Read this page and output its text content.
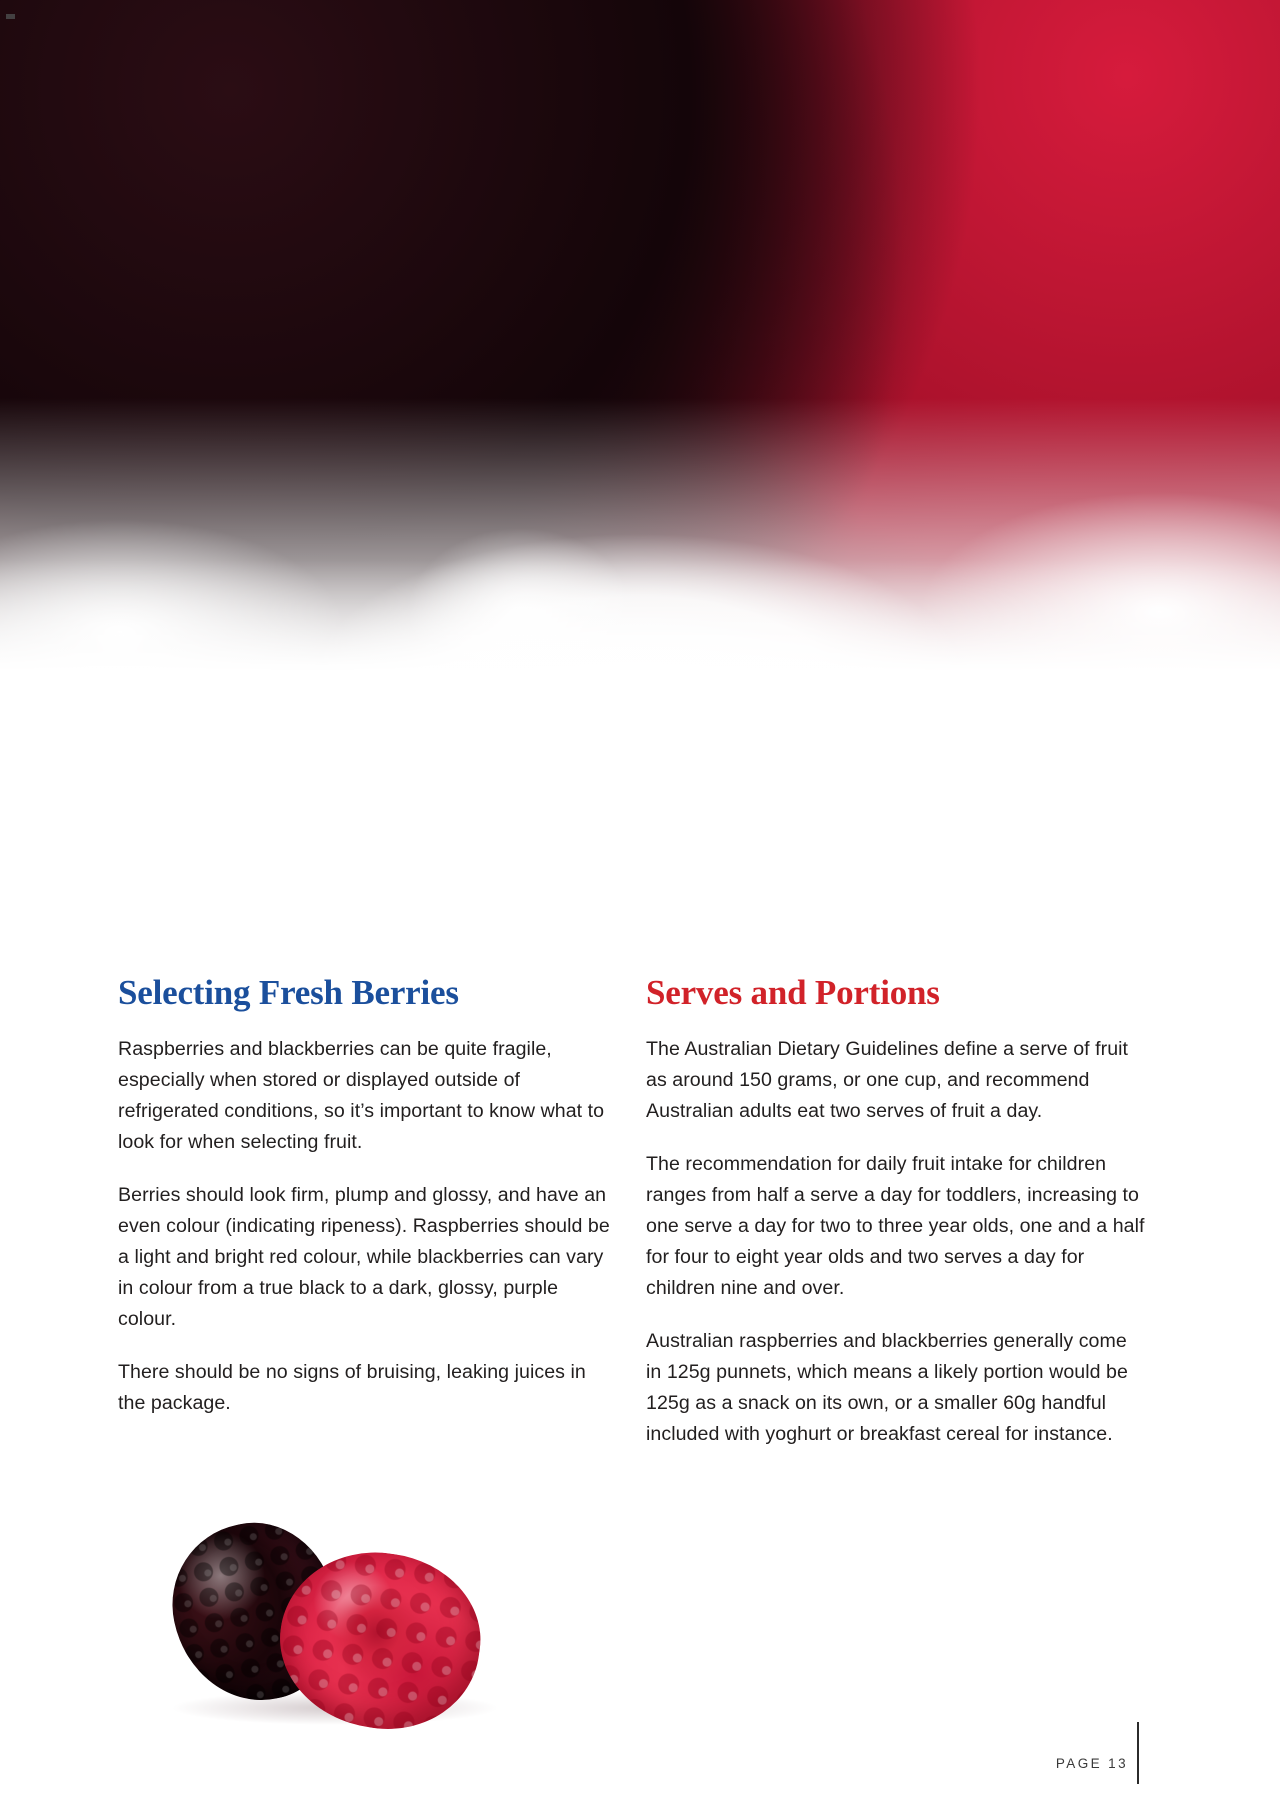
Selecting Fresh Berries

Raspberries and blackberries can be quite fragile, especially when stored or displayed outside of refrigerated conditions, so it’s important to know what to look for when selecting fruit.

Berries should look firm, plump and glossy, and have an even colour (indicating ripeness). Raspberries should be a light and bright red colour, while blackberries can vary in colour from a true black to a dark, glossy, purple colour.

There should be no signs of bruising, leaking juices in the package.

Serves and Portions

The Australian Dietary Guidelines define a serve of fruit as around 150 grams, or one cup, and recommend Australian adults eat two serves of fruit a day.

The recommendation for daily fruit intake for children ranges from half a serve a day for toddlers, increasing to one serve a day for two to three year olds, one and a half for four to eight year olds and two serves a day for children nine and over.

Australian raspberries and blackberries generally come in 125g punnets, which means a likely portion would be 125g as a snack on its own, or a smaller 60g handful included with yoghurt or breakfast cereal for instance.

PAGE 13
